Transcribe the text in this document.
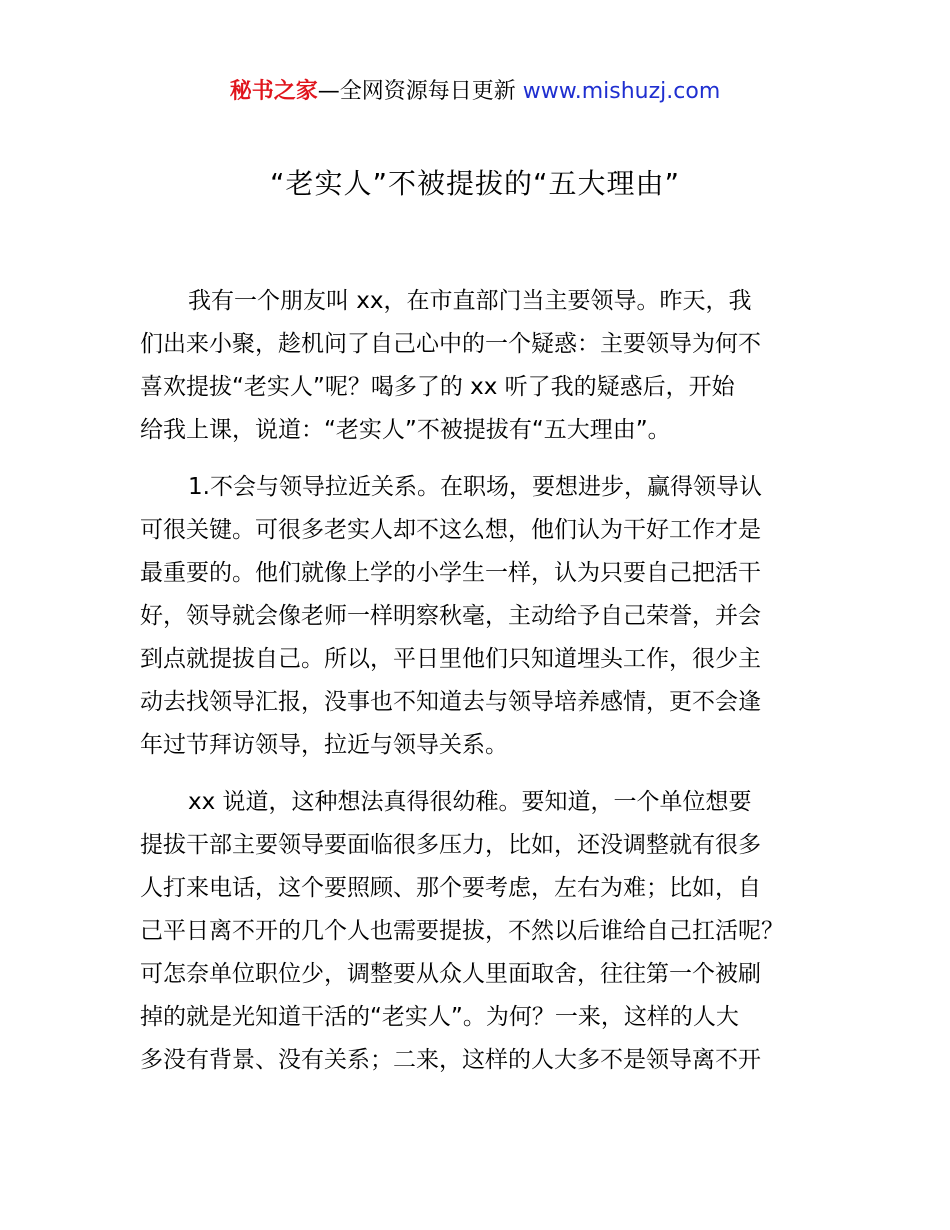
秘书之家—全网资源每日更新 www.mishuzj.com
“老实人”不被提拔的“五大理由”

我有一个朋友叫 xx，在市直部门当主要领导。昨天，我
们出来小聚，趁机问了自己心中的一个疑惑：主要领导为何不
喜欢提拔“老实人”呢？喝多了的 xx 听了我的疑惑后，开始
给我上课，说道：“老实人”不被提拔有“五大理由”。

1.不会与领导拉近关系。在职场，要想进步，赢得领导认
可很关键。可很多老实人却不这么想，他们认为干好工作才是
最重要的。他们就像上学的小学生一样，认为只要自己把活干
好，领导就会像老师一样明察秋毫，主动给予自己荣誉，并会
到点就提拔自己。所以，平日里他们只知道埋头工作，很少主
动去找领导汇报，没事也不知道去与领导培养感情，更不会逢
年过节拜访领导，拉近与领导关系。

xx 说道，这种想法真得很幼稚。要知道，一个单位想要
提拔干部主要领导要面临很多压力，比如，还没调整就有很多
人打来电话，这个要照顾、那个要考虑，左右为难；比如，自
己平日离不开的几个人也需要提拔，不然以后谁给自己扛活呢？
可怎奈单位职位少，调整要从众人里面取舍，往往第一个被刷
掉的就是光知道干活的“老实人”。为何？一来，这样的人大
多没有背景、没有关系；二来，这样的人大多不是领导离不开
